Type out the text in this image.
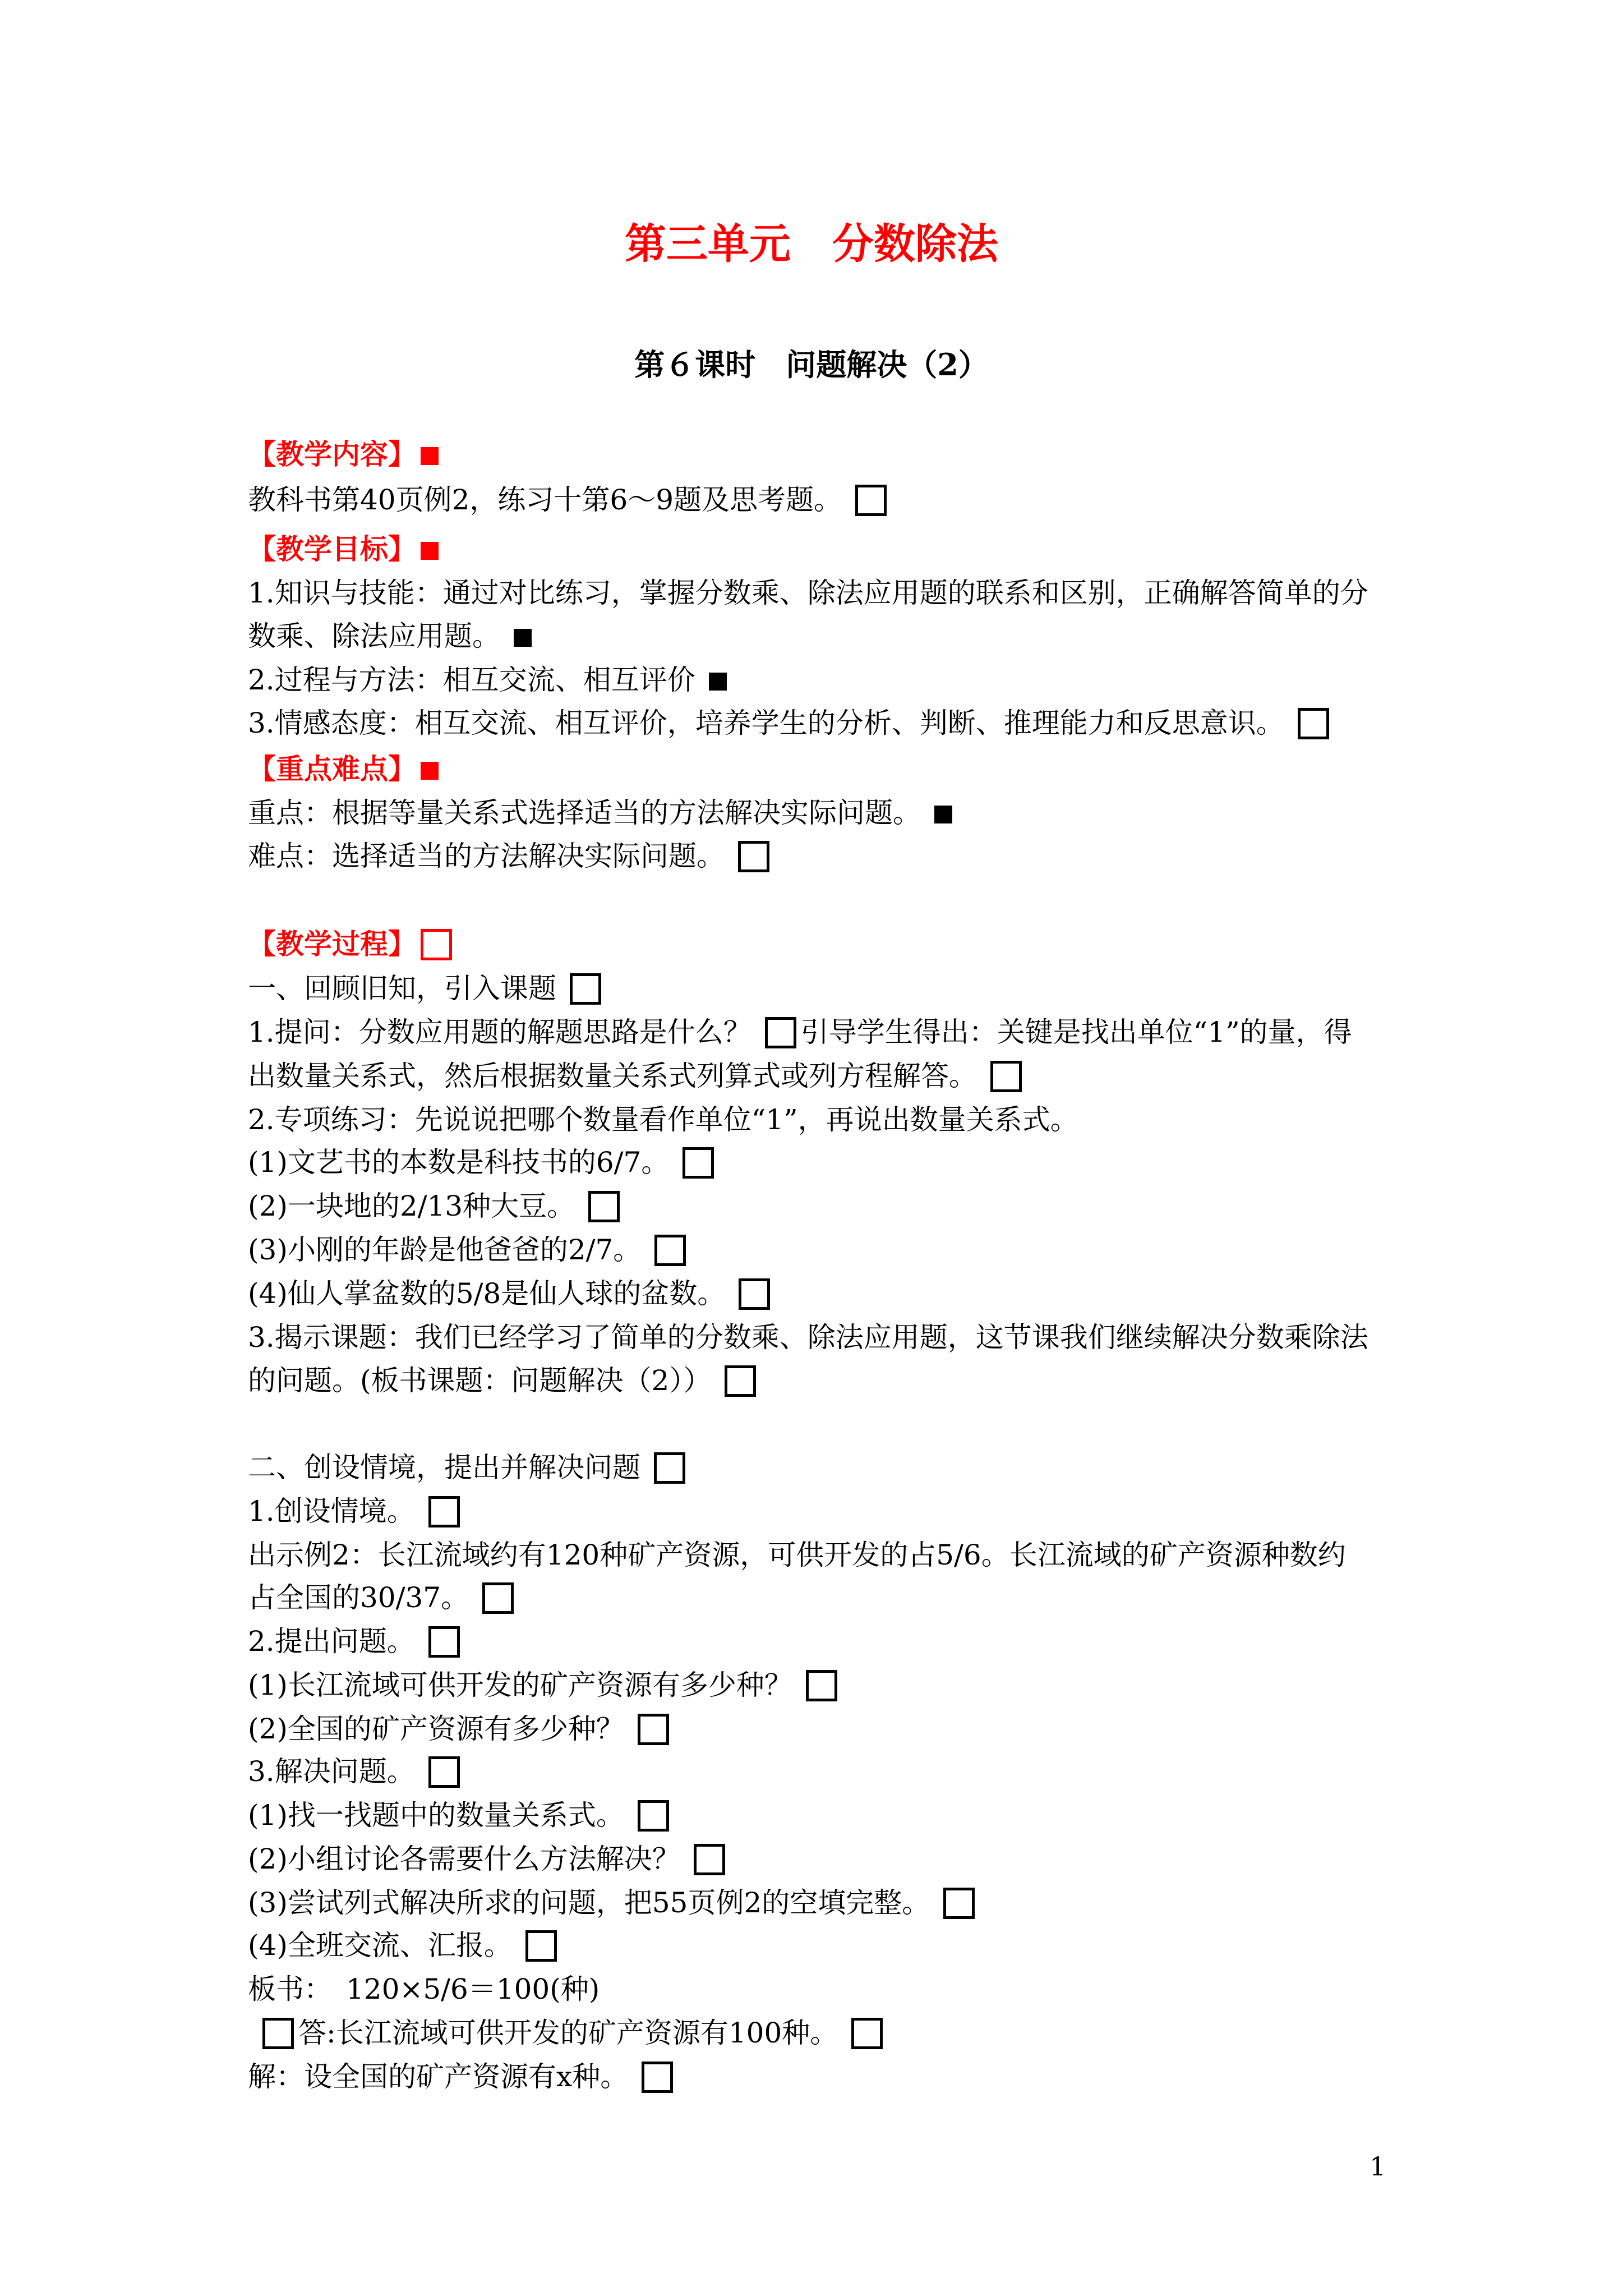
第三单元　分数除法
第６课时　问题解决（2）
【教学内容】
教科书第40页例2，练习十第6～9题及思考题。
【教学目标】
1.知识与技能：通过对比练习，掌握分数乘、除法应用题的联系和区别，正确解答简单的分
数乘、除法应用题。
2.过程与方法：相互交流、相互评价
3.情感态度：相互交流、相互评价，培养学生的分析、判断、推理能力和反思意识。
【重点难点】
重点：根据等量关系式选择适当的方法解决实际问题。
难点：选择适当的方法解决实际问题。
【教学过程】
一、回顾旧知，引入课题
1.提问：分数应用题的解题思路是什么？ 引导学生得出：关键是找出单位“1”的量，得
出数量关系式，然后根据数量关系式列算式或列方程解答。
2.专项练习：先说说把哪个数量看作单位“1”，再说出数量关系式。
(1)文艺书的本数是科技书的6/7。
(2)一块地的2/13种大豆。
(3)小刚的年龄是他爸爸的2/7。
(4)仙人掌盆数的5/8是仙人球的盆数。
3.揭示课题：我们已经学习了简单的分数乘、除法应用题，这节课我们继续解决分数乘除法
的问题。(板书课题：问题解决（2））
二、创设情境，提出并解决问题
1.创设情境。
出示例2：长江流域约有120种矿产资源，可供开发的占5/6。长江流域的矿产资源种数约
占全国的30/37。
2.提出问题。
(1)长江流域可供开发的矿产资源有多少种？
(2)全国的矿产资源有多少种？
3.解决问题。
(1)找一找题中的数量关系式。
(2)小组讨论各需要什么方法解决？
(3)尝试列式解决所求的问题，把55页例2的空填完整。
(4)全班交流、汇报。
板书：　120×5/6＝100(种)
答:长江流域可供开发的矿产资源有100种。
解：设全国的矿产资源有x种。
1
